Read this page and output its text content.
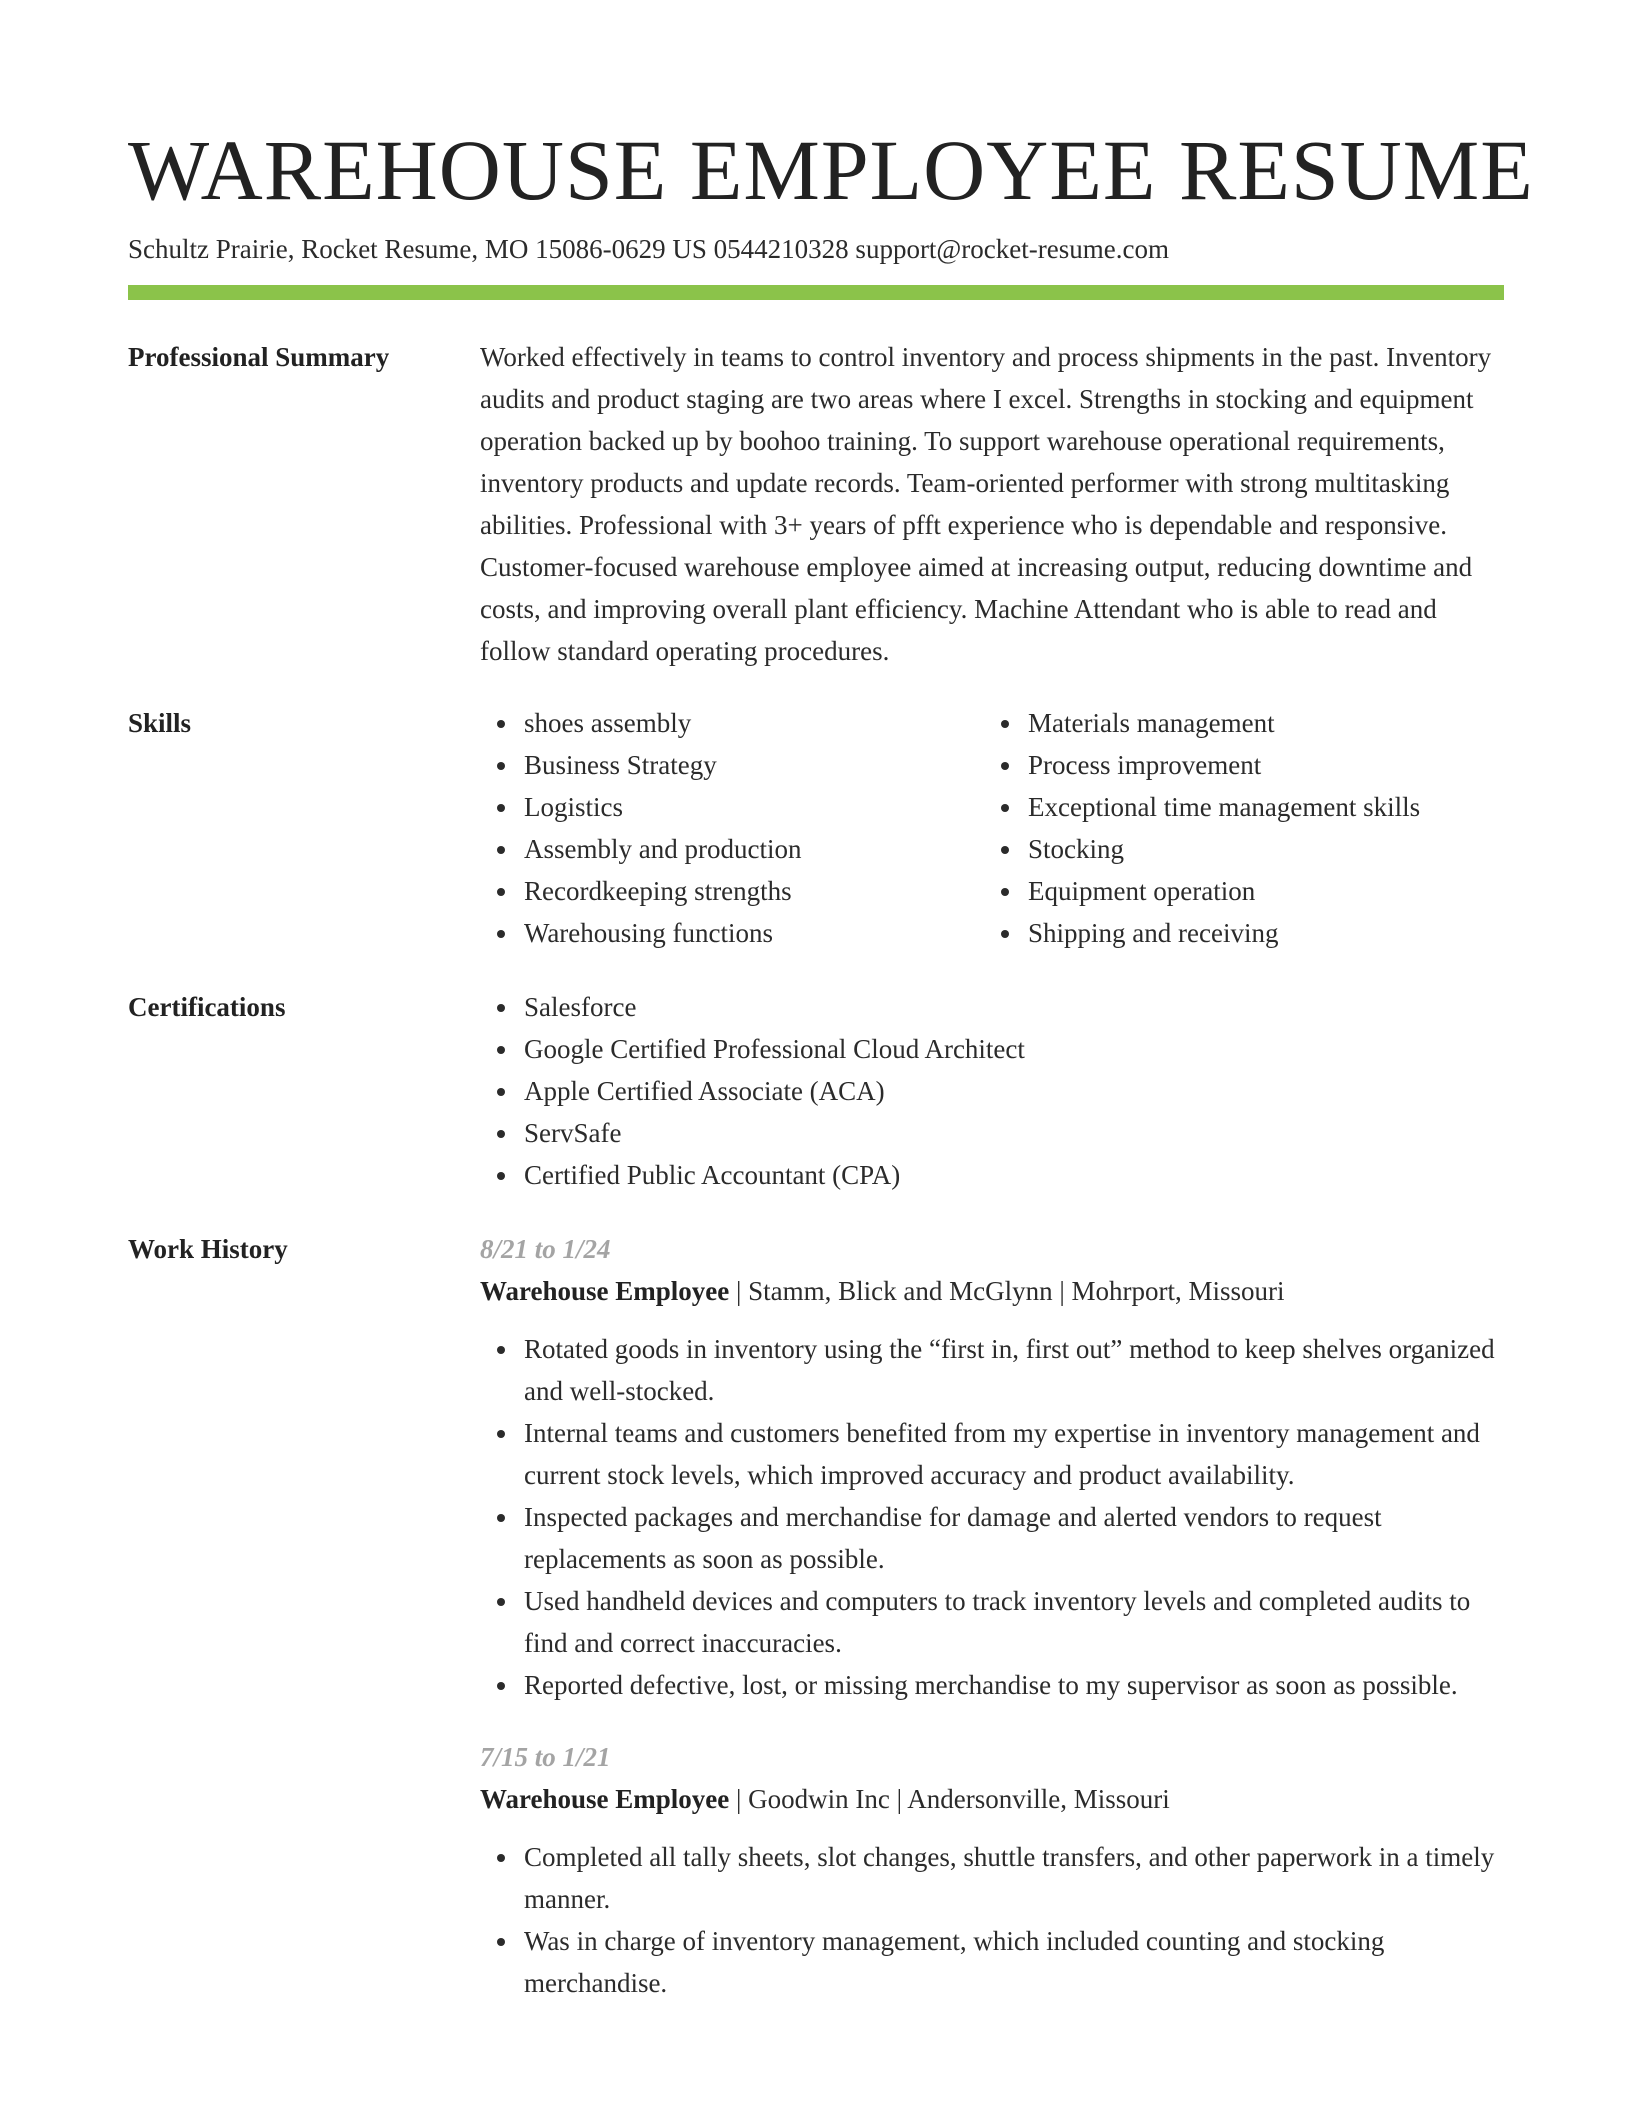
WAREHOUSE EMPLOYEE RESUME
Schultz Prairie, Rocket Resume, MO 15086-0629 US 0544210328 support@rocket-resume.com
Professional Summary	Worked effectively in teams to control inventory and process shipments in the past. Inventory audits and product staging are two areas where I excel. Strengths in stocking and equipment operation backed up by boohoo training. To support warehouse operational requirements, inventory products and update records. Team-oriented performer with strong multitasking abilities. Professional with 3+ years of pfft experience who is dependable and responsive. Customer-focused warehouse employee aimed at increasing output, reducing downtime and costs, and improving overall plant efficiency. Machine Attendant who is able to read and follow standard operating procedures.

Skills	shoes assembly
Business Strategy
Logistics
Assembly and production
Recordkeeping strengths
Warehousing functions
Materials management
Process improvement
Exceptional time management skills
Stocking
Equipment operation
Shipping and receiving
Certifications	Salesforce
Google Certified Professional Cloud Architect
Apple Certified Associate (ACA)
ServSafe
Certified Public Accountant (CPA)
Work History	8/21 to 1/24
Warehouse Employee | Stamm, Blick and McGlynn | Mohrport, Missouri
Rotated goods in inventory using the “first in, first out” method to keep shelves organized and well-stocked.
Internal teams and customers benefited from my expertise in inventory management and current stock levels, which improved accuracy and product availability.
Inspected packages and merchandise for damage and alerted vendors to request replacements as soon as possible.
Used handheld devices and computers to track inventory levels and completed audits to find and correct inaccuracies.
Reported defective, lost, or missing merchandise to my supervisor as soon as possible.
7/15 to 1/21
Warehouse Employee | Goodwin Inc | Andersonville, Missouri
Completed all tally sheets, slot changes, shuttle transfers, and other paperwork in a timely manner.
Was in charge of inventory management, which included counting and stocking merchandise.
